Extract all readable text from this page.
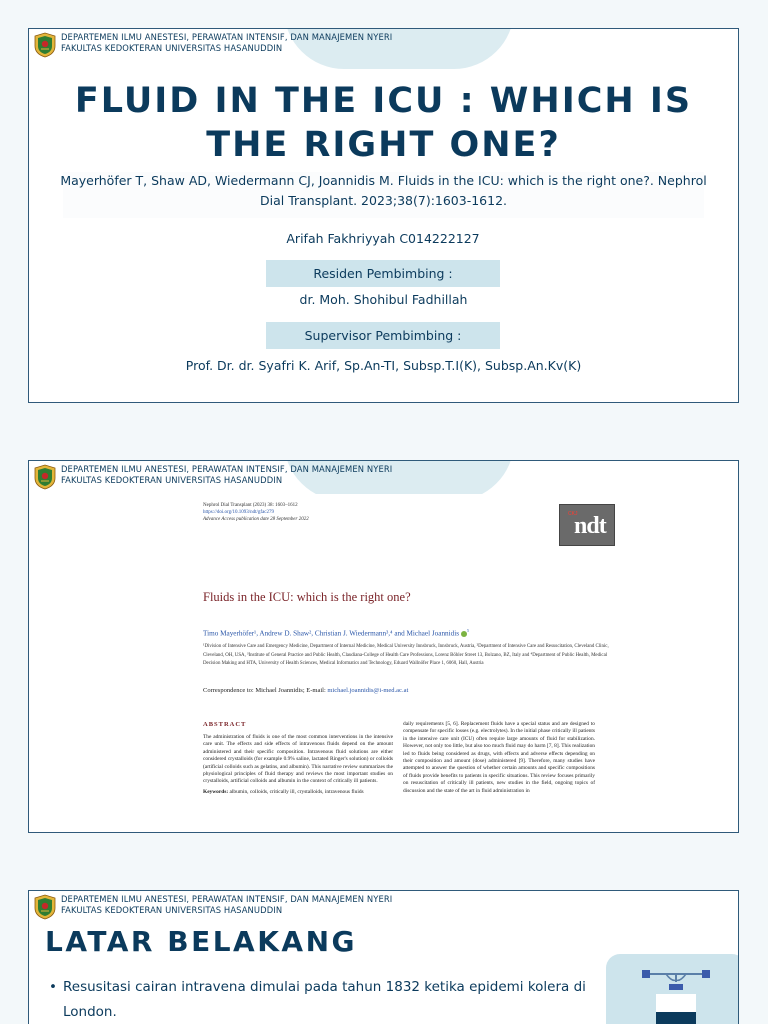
DEPARTEMEN ILMU ANESTESI, PERAWATAN INTENSIF, DAN MANAJEMEN NYERI
FAKULTAS KEDOKTERAN UNIVERSITAS HASANUDDIN
FLUID IN THE ICU : WHICH IS THE RIGHT ONE?
Mayerhöfer T, Shaw AD, Wiedermann CJ, Joannidis M. Fluids in the ICU: which is the right one?. Nephrol Dial Transplant. 2023;38(7):1603-1612.
Arifah Fakhriyyah C014222127
Residen Pembimbing :
dr. Moh. Shohibul Fadhillah
Supervisor Pembimbing :
Prof. Dr. dr. Syafri K. Arif, Sp.An-TI, Subsp.T.I(K), Subsp.An.Kv(K)
DEPARTEMEN ILMU ANESTESI, PERAWATAN INTENSIF, DAN MANAJEMEN NYERI
FAKULTAS KEDOKTERAN UNIVERSITAS HASANUDDIN
Nephrol Dial Transplant (2023) 38: 1603–1612
https://doi.org/10.1093/ndt/gfac279
Advance Access publication date 28 September 2022
CKJ
ndt
Fluids in the ICU: which is the right one?
Timo Mayerhöfer¹, Andrew D. Shaw², Christian J. Wiedermann³,⁴ and Michael Joannidis $^5$
¹Division of Intensive Care and Emergency Medicine, Department of Internal Medicine, Medical University Innsbruck, Innsbruck, Austria, ²Department of Intensive Care and Resuscitation, Cleveland Clinic, Cleveland, OH, USA, ³Institute of General Practice and Public Health, Claudiana-College of Health Care Professions, Lorenz Böhler Street 13, Bolzano, BZ, Italy and ⁴Department of Public Health, Medical Decision Making and HTA, University of Health Sciences, Medical Informatics and Technology, Eduard Wallnöfer Place 1, 6060, Hall, Austria
Correspondence to: Michael Joannidis; E-mail: michael.joannidis@i-med.ac.at
ABSTRACT
The administration of fluids is one of the most common interventions in the intensive care unit. The effects and side effects of intravenous fluids depend on the amount administered and their specific composition. Intravenous fluid solutions are either considered crystalloids (for example 0.9% saline, lactated Ringer's solution) or colloids (artificial colloids such as gelatins, and albumin). This narrative review summarizes the physiological principles of fluid therapy and reviews the most important studies on crystalloids, artificial colloids and albumin in the context of critically ill patients.
Keywords: albumin, colloids, critically ill, crystalloids, intravenous fluids
daily requirements [5, 6]. Replacement fluids have a special status and are designed to compensate for specific losses (e.g. electrolytes). In the initial phase critically ill patients in the intensive care unit (ICU) often require large amounts of fluid for stabilization. However, not only too little, but also too much fluid may do harm [7, 8]. This realization led to fluids being considered as drugs, with effects and adverse effects depending on their composition and amount (dose) administered [9]. Therefore, many studies have attempted to answer the question of whether certain amounts and specific compositions of fluids provide benefits to patients in specific situations. This review focuses primarily on resuscitation of critically ill patients, new studies in the field, ongoing topics of discussion and the state of the art in fluid administration in
DEPARTEMEN ILMU ANESTESI, PERAWATAN INTENSIF, DAN MANAJEMEN NYERI
FAKULTAS KEDOKTERAN UNIVERSITAS HASANUDDIN
LATAR BELAKANG
• Resusitasi cairan intravena dimulai pada tahun 1832 ketika epidemi kolera di London.
